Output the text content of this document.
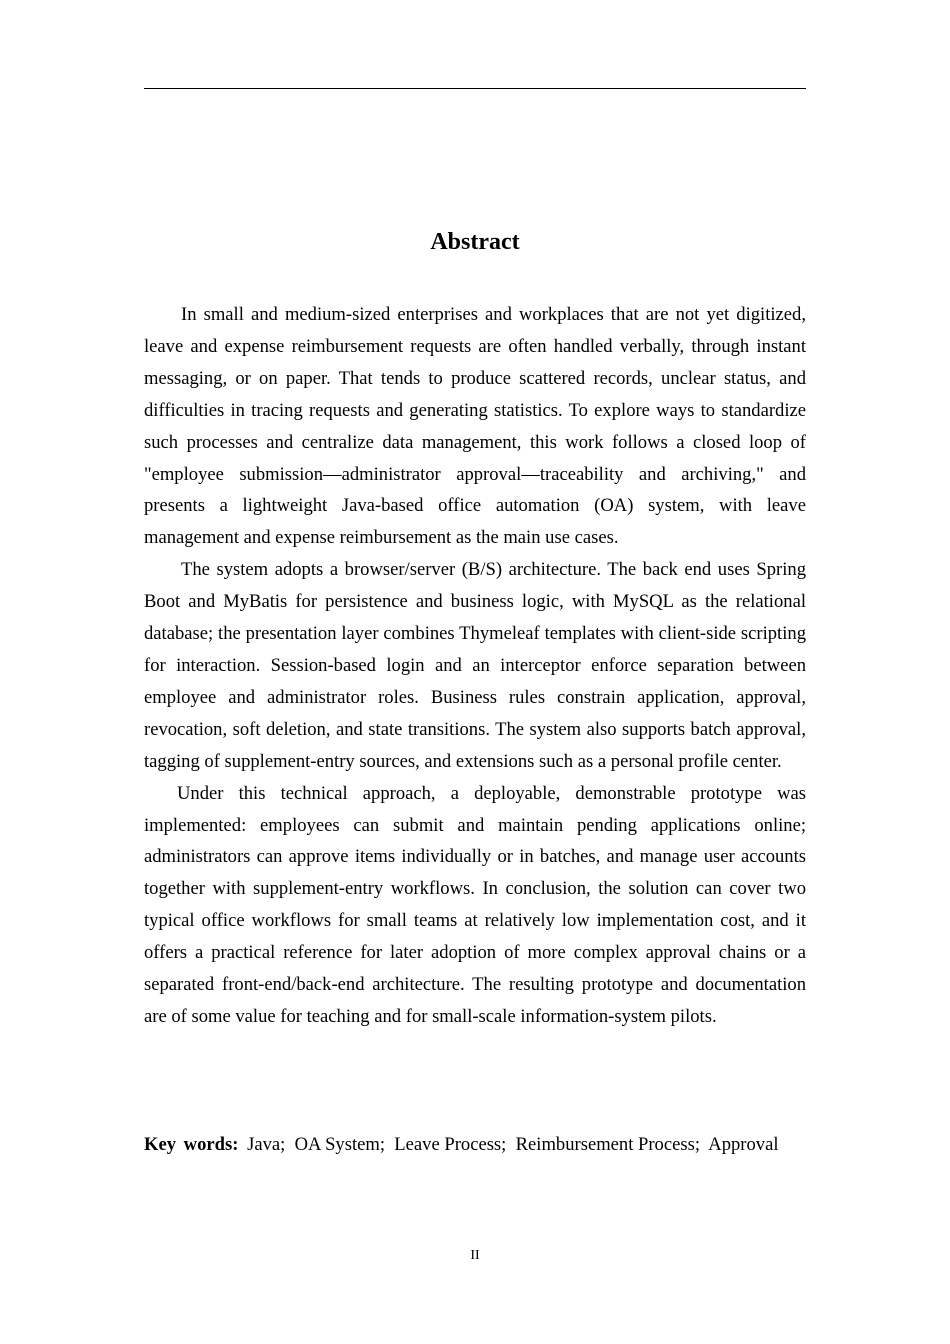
Abstract

In small and medium-sized enterprises and workplaces that are not yet digitized, leave and expense reimbursement requests are often handled verbally, through instant messaging, or on paper. That tends to produce scattered records, unclear status, and difficulties in tracing requests and generating statistics. To explore ways to standardize such processes and centralize data management, this work follows a closed loop of "employee submission—administrator approval—traceability and archiving," and presents a lightweight Java-based office automation (OA) system, with leave management and expense reimbursement as the main use cases.

The system adopts a browser/server (B/S) architecture. The back end uses Spring Boot and MyBatis for persistence and business logic, with MySQL as the relational database; the presentation layer combines Thymeleaf templates with client-side scripting for interaction. Session-based login and an interceptor enforce separation between employee and administrator roles. Business rules constrain application, approval, revocation, soft deletion, and state transitions. The system also supports batch approval, tagging of supplement-entry sources, and extensions such as a personal profile center.

Under this technical approach, a deployable, demonstrable prototype was implemented: employees can submit and maintain pending applications online; administrators can approve items individually or in batches, and manage user accounts together with supplement-entry workflows. In conclusion, the solution can cover two typical office workflows for small teams at relatively low implementation cost, and it offers a practical reference for later adoption of more complex approval chains or a separated front-end/back-end architecture. The resulting prototype and documentation are of some value for teaching and for small-scale information-system pilots.

Key words: Java;  OA System;  Leave Process;  Reimbursement Process;  Approval

II
